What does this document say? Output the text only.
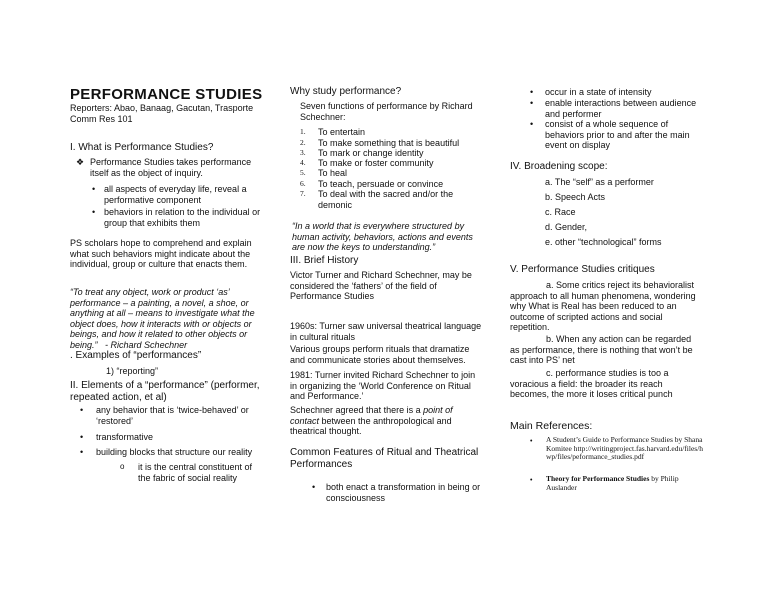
PERFORMANCE STUDIES
Reporters: Abao, Banaag, Gacutan, Trasporte
Comm Res 101
I. What is Performance Studies?
❖ Performance Studies takes performance itself as the object of inquiry.
• all aspects of everyday life, reveal a performative component
• behaviors in relation to the individual or group that exhibits them
PS scholars hope to comprehend and explain what such behaviors might indicate about the individual, group or culture that enacts them.
“To treat any object, work or product ‘as’ performance – a painting, a novel, a shoe, or anything at all – means to investigate what the object does, how it interacts with or objects or beings, and how it related to other objects or being.” - Richard Schechner
. Examples of “performances”
1) “reporting”
II. Elements of a “performance” (performer, repeated action, et al)
• any behavior that is ‘twice-behaved’ or ‘restored’
• transformative
• building blocks that structure our reality
o it is the central constituent of the fabric of social reality
Why study performance?
Seven functions of performance by Richard Schechner:
1. To entertain
2. To make something that is beautiful
3. To mark or change identity
4. To make or foster community
5. To heal
6. To teach, persuade or convince
7. To deal with the sacred and/or the demonic
“In a world that is everywhere structured by human activity, behaviors, actions and events are now the keys to understanding.”
III. Brief History
Victor Turner and Richard Schechner, may be considered the ‘fathers’ of the field of Performance Studies
1960s: Turner saw universal theatrical language in cultural rituals
Various groups perform rituals that dramatize and communicate stories about themselves.
1981: Turner invited Richard Schechner to join in organizing the ‘World Conference on Ritual and Performance.’
Schechner agreed that there is a point of contact between the anthropological and theatrical thought.
Common Features of Ritual and Theatrical Performances
• both enact a transformation in being or consciousness
• occur in a state of intensity
• enable interactions between audience and performer
• consist of a whole sequence of behaviors prior to and after the main event on display
IV. Broadening scope:
a. The “self” as a performer
b. Speech Acts
c. Race
d. Gender,
e. other “technological” forms
V. Performance Studies critiques
a. Some critics reject its behavioralist approach to all human phenomena, wondering why What is Real has been reduced to an outcome of scripted actions and social repetition.
b. When any action can be regarded as performance, there is nothing that won’t be cast into PS’ net
c. performance studies is too a voracious a field: the broader its reach becomes, the more it loses critical punch
Main References:
• A Student’s Guide to Performance Studies by Shana Komitee http://writingproject.fas.harvard.edu/files/hwp/files/peformance_studies.pdf
• Theory for Performance Studies by Philip Auslander
